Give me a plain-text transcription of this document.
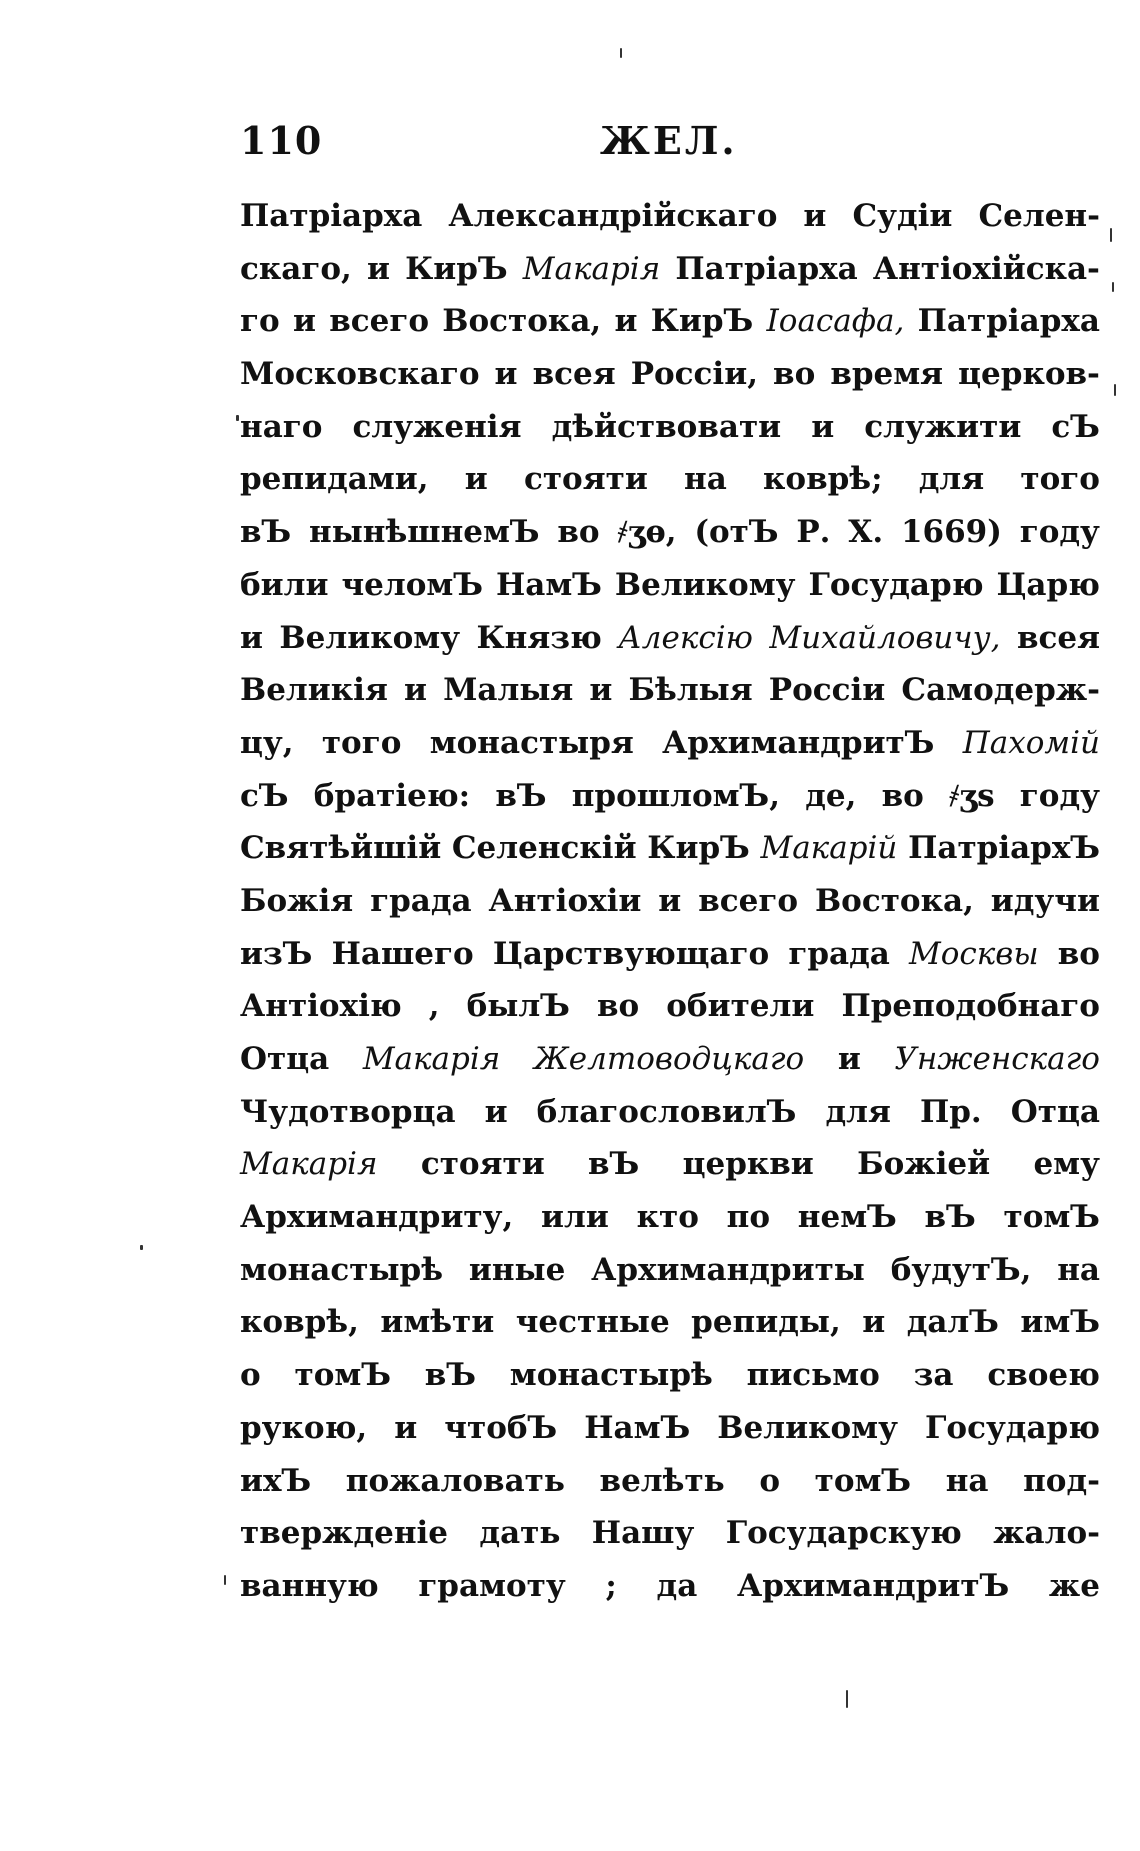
110	ЖЕЛ.
Патріарха Александрійскаго и Судіи Селен-
скаго, и КирЪ Макарія Патріарха Антіохійска-
го и всего Востока, и КирЪ Іоасафа, Патріарха
Московскаго и всея Россіи, во время церков-
наго служенія дѣйствовати и служити сЪ
репидами, и стояти на коврѣ; для того
вЪ нынѣшнемЪ во ҂ӡѳ, (отЪ Р. Х. 1669) году
били челомЪ НамЪ Великому Государю Царю
и Великому Князю Алексію Михайловичу, всея
Великія и Малыя и Бѣлыя Россіи Самодерж-
цу, того монастыря АрхимандритЪ Пахомій
сЪ братіею: вЪ прошломЪ, де, во ҂ӡѕ году
Святѣйшій Селенскій КирЪ Макарій ПатріархЪ
Божія града Антіохіи и всего Востока, идучи
изЪ Нашего Царствующаго града Москвы во
Антіохію , былЪ во обители Преподобнаго
Отца Макарія Желтоводцкаго и Унженскаго
Чудотворца и благословилЪ для Пр. Отца
Макарія стояти вЪ церкви Божіей ему
Архимандриту, или кто по немЪ вЪ томЪ
монастырѣ иные Архимандриты будутЪ, на
коврѣ, имѣти честные репиды, и далЪ имЪ
о томЪ вЪ монастырѣ письмо за своею
рукою, и чтобЪ НамЪ Великому Государю
ихЪ пожаловать велѣть о томЪ на под-
твержденіе дать Нашу Государскую жало-
ванную грамоту ; да АрхимандритЪ же
